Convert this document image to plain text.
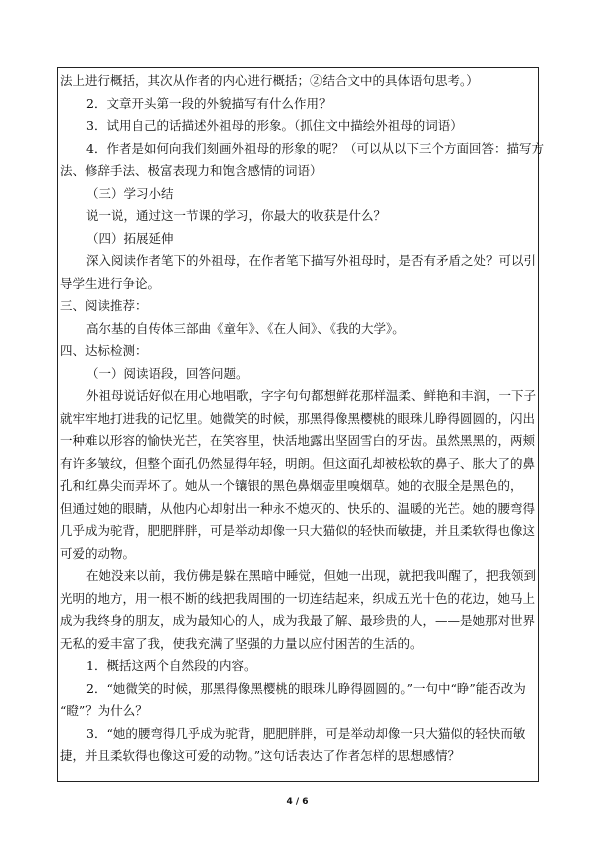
法上进行概括，其次从作者的内心进行概括；②结合文中的具体语句思考。）

2．文章开头第一段的外貌描写有什么作用？

3．试用自己的话描述外祖母的形象。（抓住文中描绘外祖母的词语）

4．作者是如何向我们刻画外祖母的形象的呢？（可以从以下三个方面回答：描写方

法、修辞手法、极富表现力和饱含感情的词语）

（三）学习小结

说一说，通过这一节课的学习，你最大的收获是什么？

（四）拓展延伸

深入阅读作者笔下的外祖母，在作者笔下描写外祖母时，是否有矛盾之处？可以引

导学生进行争论。

三、阅读推荐：

高尔基的自传体三部曲《童年》、《在人间》、《我的大学》。

四、达标检测：

（一）阅读语段，回答问题。

外祖母说话好似在用心地唱歌，字字句句都想鲜花那样温柔、鲜艳和丰润，一下子

就牢牢地打进我的记忆里。她微笑的时候，那黑得像黑樱桃的眼珠儿睁得圆圆的，闪出

一种难以形容的愉快光芒，在笑容里，快活地露出坚固雪白的牙齿。虽然黑黑的，两颊

有许多皱纹，但整个面孔仍然显得年轻，明朗。但这面孔却被松软的鼻子、胀大了的鼻

孔和红鼻尖而弄坏了。她从一个镶银的黑色鼻烟壶里嗅烟草。她的衣服全是黑色的，

但通过她的眼睛，从他内心却射出一种永不熄灭的、快乐的、温暖的光芒。她的腰弯得

几乎成为驼背，肥肥胖胖，可是举动却像一只大猫似的轻快而敏捷，并且柔软得也像这

可爱的动物。

在她没来以前，我仿佛是躲在黑暗中睡觉，但她一出现，就把我叫醒了，把我领到

光明的地方，用一根不断的线把我周围的一切连结起来，织成五光十色的花边，她马上

成为我终身的朋友，成为最知心的人，成为我最了解、最珍贵的人，——是她那对世界

无私的爱丰富了我，使我充满了坚强的力量以应付困苦的生活的。

1．概括这两个自然段的内容。

2．“她微笑的时候，那黑得像黑樱桃的眼珠儿睁得圆圆的。”一句中“睁”能否改为

“瞪”？为什么？

3．“她的腰弯得几乎成为驼背，肥肥胖胖，可是举动却像一只大猫似的轻快而敏

捷，并且柔软得也像这可爱的动物。”这句话表达了作者怎样的思想感情？

4 / 6
